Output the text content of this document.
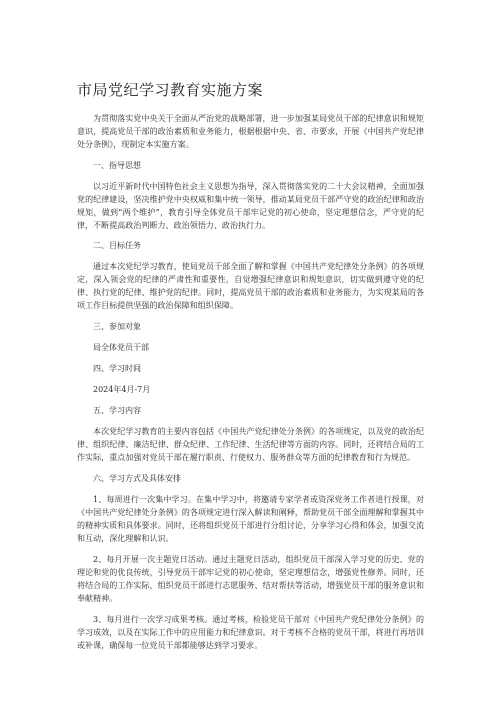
市局党纪学习教育实施方案

为贯彻落实党中央关于全面从严治党的战略部署，进一步加强某局党员干部的纪律意识和规矩意识，提高党员干部的政治素质和业务能力，根据根据中央、省、市要求，开展《中国共产党纪律处分条例》，现制定本实施方案。

一、指导思想

以习近平新时代中国特色社会主义思想为指导，深入贯彻落实党的二十大会议精神，全面加强党的纪律建设，坚决维护党中央权威和集中统一领导，推动某局党员干部严守党的政治纪律和政治规矩，做到“两个维护”，教育引导全体党员干部牢记党的初心使命，坚定理想信念，严守党的纪律，不断提高政治判断力、政治领悟力、政治执行力。

二、目标任务

通过本次党纪学习教育，使局党员干部全面了解和掌握《中国共产党纪律处分条例》的各项规定，深入领会党的纪律的严肃性和重要性，自觉增强纪律意识和规矩意识，切实做到遵守党的纪律、执行党的纪律、维护党的纪律。同时，提高党员干部的政治素质和业务能力，为实现某局的各项工作目标提供坚强的政治保障和组织保障。

三、参加对象

局全体党员干部

四、学习时间

2024年4月-7月

五、学习内容

本次党纪学习教育的主要内容包括《中国共产党纪律处分条例》的各项规定，以及党的政治纪律、组织纪律、廉洁纪律、群众纪律、工作纪律、生活纪律等方面的内容。同时，还将结合局的工作实际，重点加强对党员干部在履行职责、行使权力、服务群众等方面的纪律教育和行为规范。

六、学习方式及具体安排

1、每周进行一次集中学习。在集中学习中，将邀请专家学者或资深党务工作者进行授课，对《中国共产党纪律处分条例》的各项规定进行深入解读和阐释，帮助党员干部全面理解和掌握其中的精神实质和具体要求。同时，还将组织党员干部进行分组讨论，分享学习心得和体会，加强交流和互动，深化理解和认识。

2、每月开展一次主题党日活动。通过主题党日活动，组织党员干部深入学习党的历史、党的理论和党的优良传统，引导党员干部牢记党的初心使命，坚定理想信念，增强党性修养。同时，还将结合局的工作实际，组织党员干部进行志愿服务、结对帮扶等活动，增强党员干部的服务意识和奉献精神。

3、每月进行一次学习成果考核。通过考核，检验党员干部对《中国共产党纪律处分条例》的学习成效，以及在实际工作中的应用能力和纪律意识。对于考核不合格的党员干部，将进行再培训或补课，确保每一位党员干部都能够达到学习要求。
